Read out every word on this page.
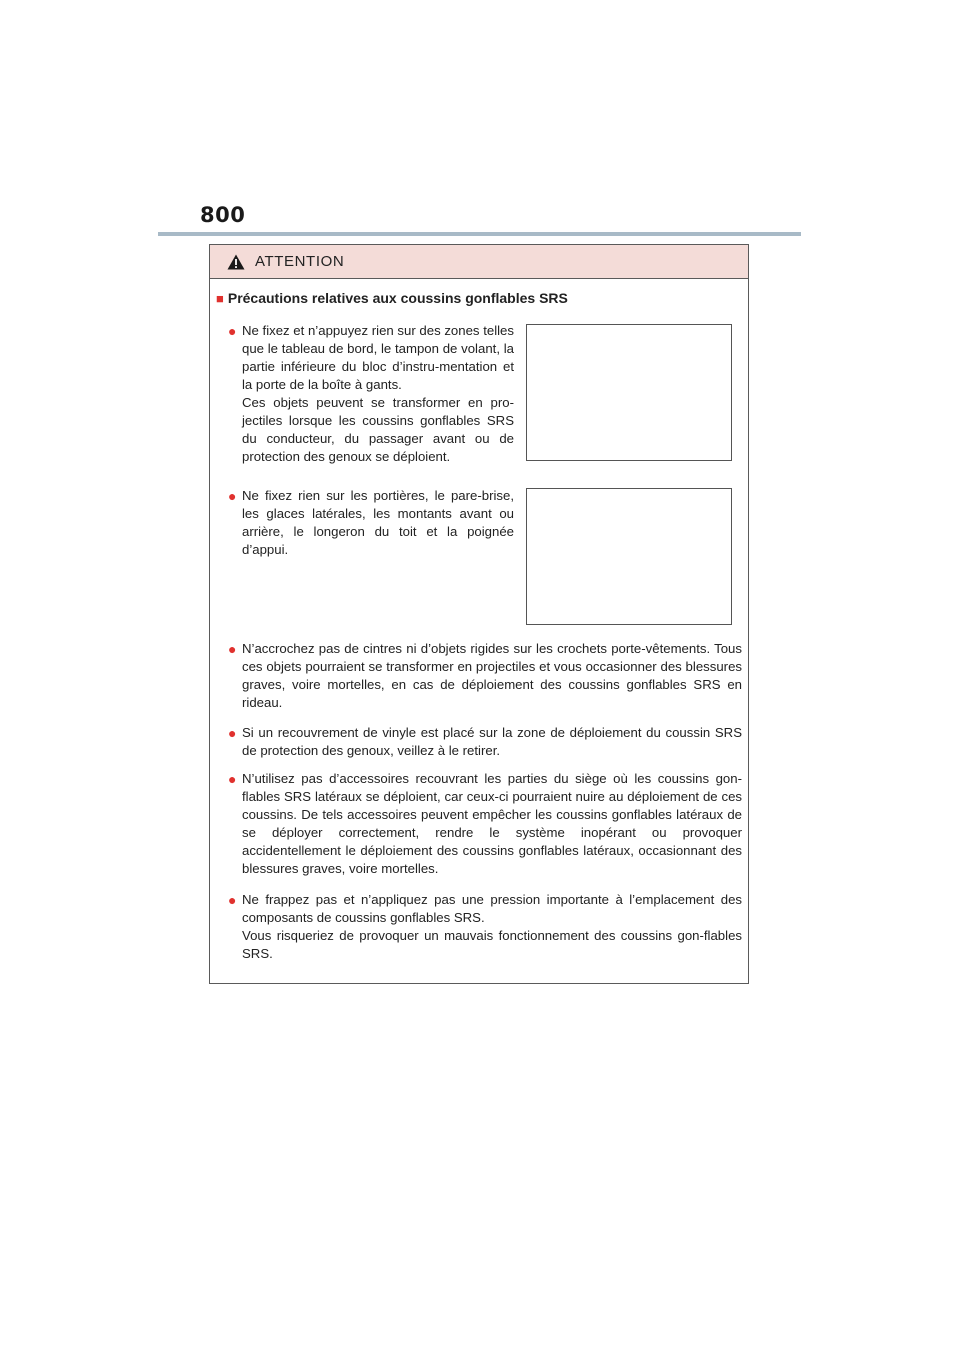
800
ATTENTION
■ Précautions relatives aux coussins gonflables SRS
● Ne fixez et n’appuyez rien sur des zones telles que le tableau de bord, le tampon de volant, la partie inférieure du bloc d’instru-mentation et la porte de la boîte à gants.

Ces objets peuvent se transformer en pro-jectiles lorsque les coussins gonflables SRS du conducteur, du passager avant ou de protection des genoux se déploient.

● Ne fixez rien sur les portières, le pare-brise, les glaces latérales, les montants avant ou arrière, le longeron du toit et la poignée d’appui.

● N’accrochez pas de cintres ni d’objets rigides sur les crochets porte-vêtements. Tous ces objets pourraient se transformer en projectiles et vous occasionner des blessures graves, voire mortelles, en cas de déploiement des coussins gonflables SRS en rideau.

● Si un recouvrement de vinyle est placé sur la zone de déploiement du coussin SRS de protection des genoux, veillez à le retirer.

● N’utilisez pas d’accessoires recouvrant les parties du siège où les coussins gon-flables SRS latéraux se déploient, car ceux-ci pourraient nuire au déploiement de ces coussins. De tels accessoires peuvent empêcher les coussins gonflables latéraux de se déployer correctement, rendre le système inopérant ou provoquer accidentellement le déploiement des coussins gonflables latéraux, occasionnant des blessures graves, voire mortelles.

● Ne frappez pas et n’appliquez pas une pression importante à l’emplacement des composants de coussins gonflables SRS.

Vous risqueriez de provoquer un mauvais fonctionnement des coussins gon-flables SRS.
